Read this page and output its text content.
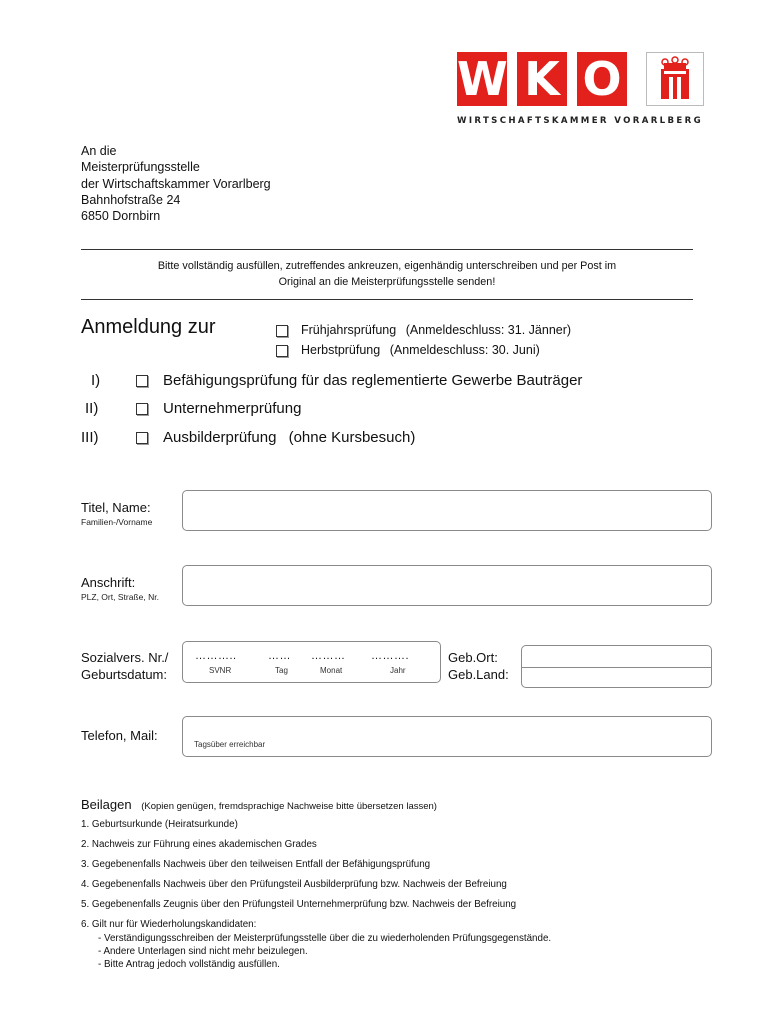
W K O
WIRTSCHAFTSKAMMER VORARLBERG
An die
Meisterprüfungsstelle
der Wirtschaftskammer Vorarlberg
Bahnhofstraße 24
6850 Dornbirn
Bitte vollständig ausfüllen, zutreffendes ankreuzen, eigenhändig unterschreiben und per Post im
Original an die Meisterprüfungsstelle senden!
Anmeldung zur	Frühjahrsprüfung (Anmeldeschluss: 31. Jänner)
Herbstprüfung (Anmeldeschluss: 30. Juni)
I)	Befähigungsprüfung für das reglementierte Gewerbe Bauträger
II)	Unternehmerprüfung
III)	Ausbilderprüfung (ohne Kursbesuch)
Titel, Name:
Familien-/Vorname
Anschrift:
PLZ, Ort, Straße, Nr.
Sozialvers. Nr./
Geburtsdatum:
………..	…… ……… ……….
SVNR	Tag	Monat	Jahr
Geb.Ort:
Geb.Land:
Telefon, Mail:
Tagsüber erreichbar
Beilagen (Kopien genügen, fremdsprachige Nachweise bitte übersetzen lassen)
1. Geburtsurkunde (Heiratsurkunde)
2. Nachweis zur Führung eines akademischen Grades
3. Gegebenenfalls Nachweis über den teilweisen Entfall der Befähigungsprüfung
4. Gegebenenfalls Nachweis über den Prüfungsteil Ausbilderprüfung bzw. Nachweis der Befreiung
5. Gegebenenfalls Zeugnis über den Prüfungsteil Unternehmerprüfung bzw. Nachweis der Befreiung
6. Gilt nur für Wiederholungskandidaten:
- Verständigungsschreiben der Meisterprüfungsstelle über die zu wiederholenden Prüfungsgegenstände.
- Andere Unterlagen sind nicht mehr beizulegen.
- Bitte Antrag jedoch vollständig ausfüllen.
